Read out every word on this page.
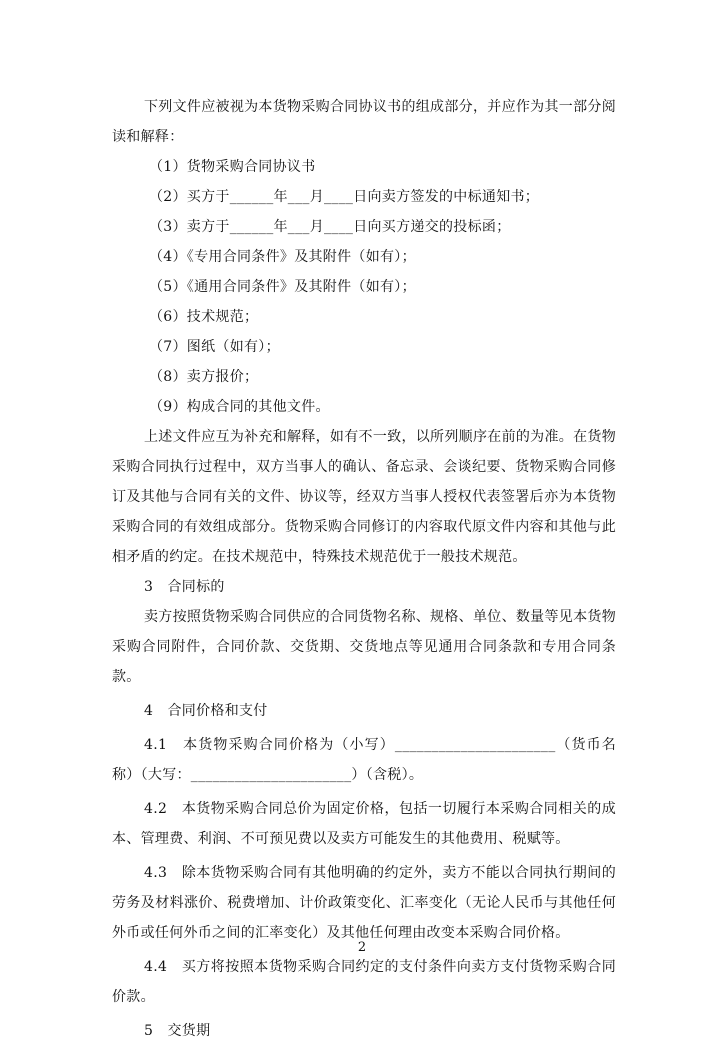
下列文件应被视为本货物采购合同协议书的组成部分，并应作为其一部分阅读和解释：

（1）货物采购合同协议书

（2）买方于______年___月____日向卖方签发的中标通知书；

（3）卖方于______年___月____日向买方递交的投标函；

（4）《专用合同条件》及其附件（如有）；

（5）《通用合同条件》及其附件（如有）；

（6）技术规范；

（7）图纸（如有）；

（8）卖方报价；

（9）构成合同的其他文件。

上述文件应互为补充和解释，如有不一致，以所列顺序在前的为准。在货物采购合同执行过程中，双方当事人的确认、备忘录、会谈纪要、货物采购合同修订及其他与合同有关的文件、协议等，经双方当事人授权代表签署后亦为本货物采购合同的有效组成部分。货物采购合同修订的内容取代原文件内容和其他与此相矛盾的约定。在技术规范中，特殊技术规范优于一般技术规范。

3　合同标的

卖方按照货物采购合同供应的合同货物名称、规格、单位、数量等见本货物采购合同附件，合同价款、交货期、交货地点等见通用合同条款和专用合同条款。

4　合同价格和支付

4.1　本货物采购合同价格为（小写）______________________（货币名称）（大写：______________________）（含税）。

4.2　本货物采购合同总价为固定价格，包括一切履行本采购合同相关的成本、管理费、利润、不可预见费以及卖方可能发生的其他费用、税赋等。

4.3　除本货物采购合同有其他明确的约定外，卖方不能以合同执行期间的劳务及材料涨价、税费增加、计价政策变化、汇率变化（无论人民币与其他任何外币或任何外币之间的汇率变化）及其他任何理由改变本采购合同价格。

4.4　买方将按照本货物采购合同约定的支付条件向卖方支付货物采购合同价款。

5　交货期

2
